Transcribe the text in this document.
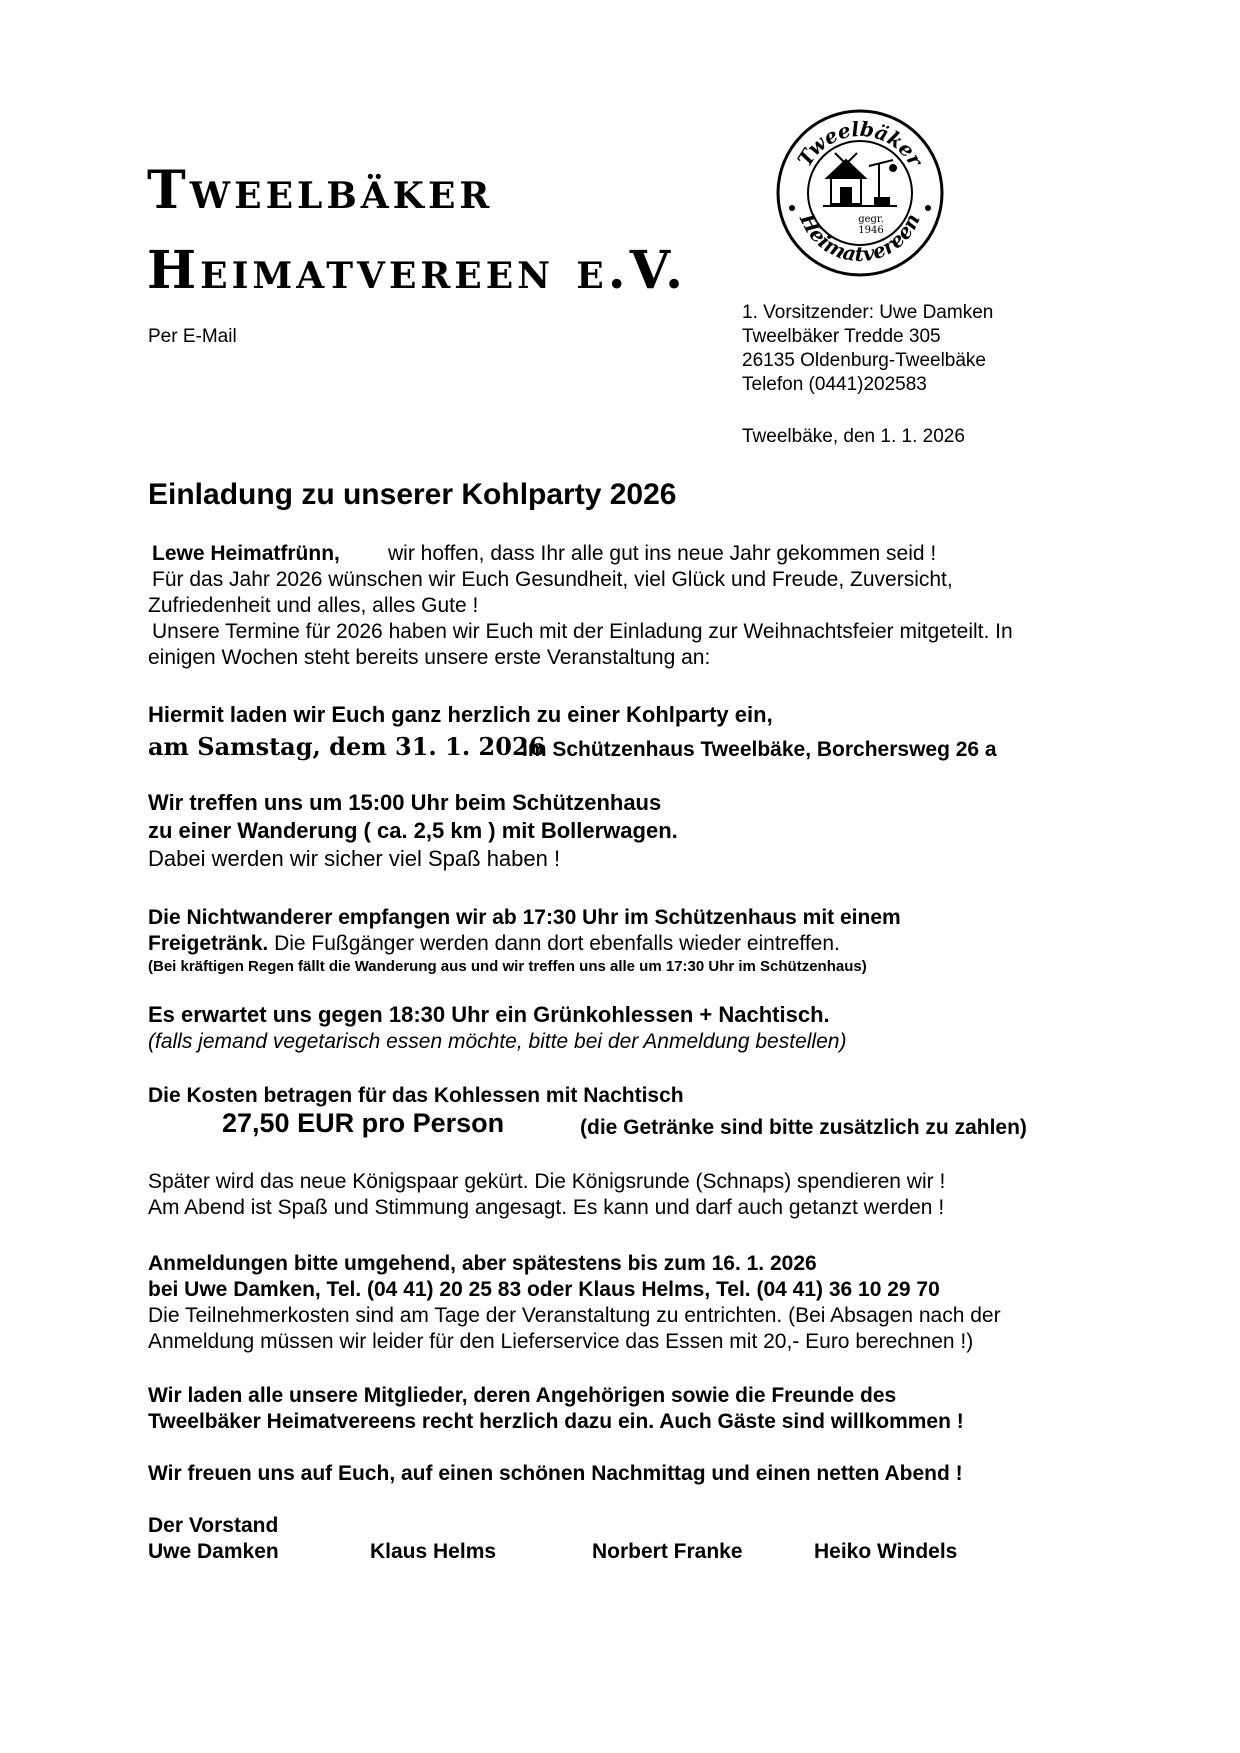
Tweelbäker
Heimatvereen e.V.
Tweelbäker
Heimatvereen
gegr.
1946
Per E-Mail
1. Vorsitzender: Uwe Damken
Tweelbäker Tredde 305
26135 Oldenburg-Tweelbäke
Telefon (0441)202583
Tweelbäke, den 1. 1. 2026
Einladung zu unserer Kohlparty 2026
Lewe Heimatfrünn, wir hoffen, dass Ihr alle gut ins neue Jahr gekommen seid !
Für das Jahr 2026 wünschen wir Euch Gesundheit, viel Glück und Freude, Zuversicht,
Zufriedenheit und alles, alles Gute !
Unsere Termine für 2026 haben wir Euch mit der Einladung zur Weihnachtsfeier mitgeteilt. In
einigen Wochen steht bereits unsere erste Veranstaltung an:
Hiermit laden wir Euch ganz herzlich zu einer Kohlparty ein,
am Samstag, dem 31. 1. 2026
im Schützenhaus Tweelbäke, Borchersweg 26 a
Wir treffen uns um 15:00 Uhr beim Schützenhaus
zu einer Wanderung ( ca. 2,5 km ) mit Bollerwagen.
Dabei werden wir sicher viel Spaß haben !
Die Nichtwanderer empfangen wir ab 17:30 Uhr im Schützenhaus mit einem
Freigetränk. Die Fußgänger werden dann dort ebenfalls wieder eintreffen.
(Bei kräftigen Regen fällt die Wanderung aus und wir treffen uns alle um 17:30 Uhr im Schützenhaus)
Es erwartet uns gegen 18:30 Uhr ein Grünkohlessen + Nachtisch.
(falls jemand vegetarisch essen möchte, bitte bei der Anmeldung bestellen)
Die Kosten betragen für das Kohlessen mit Nachtisch
27,50 EUR pro Person	(die Getränke sind bitte zusätzlich zu zahlen)
Später wird das neue Königspaar gekürt. Die Königsrunde (Schnaps) spendieren wir !
Am Abend ist Spaß und Stimmung angesagt. Es kann und darf auch getanzt werden !
Anmeldungen bitte umgehend, aber spätestens bis zum 16. 1. 2026
bei Uwe Damken, Tel. (04 41) 20 25 83 oder Klaus Helms, Tel. (04 41) 36 10 29 70
Die Teilnehmerkosten sind am Tage der Veranstaltung zu entrichten. (Bei Absagen nach der
Anmeldung müssen wir leider für den Lieferservice das Essen mit 20,- Euro berechnen !)
Wir laden alle unsere Mitglieder, deren Angehörigen sowie die Freunde des
Tweelbäker Heimatvereens recht herzlich dazu ein. Auch Gäste sind willkommen !
Wir freuen uns auf Euch, auf einen schönen Nachmittag und einen netten Abend !
Der Vorstand
Uwe Damken	Klaus Helms	Norbert Franke	Heiko Windels
